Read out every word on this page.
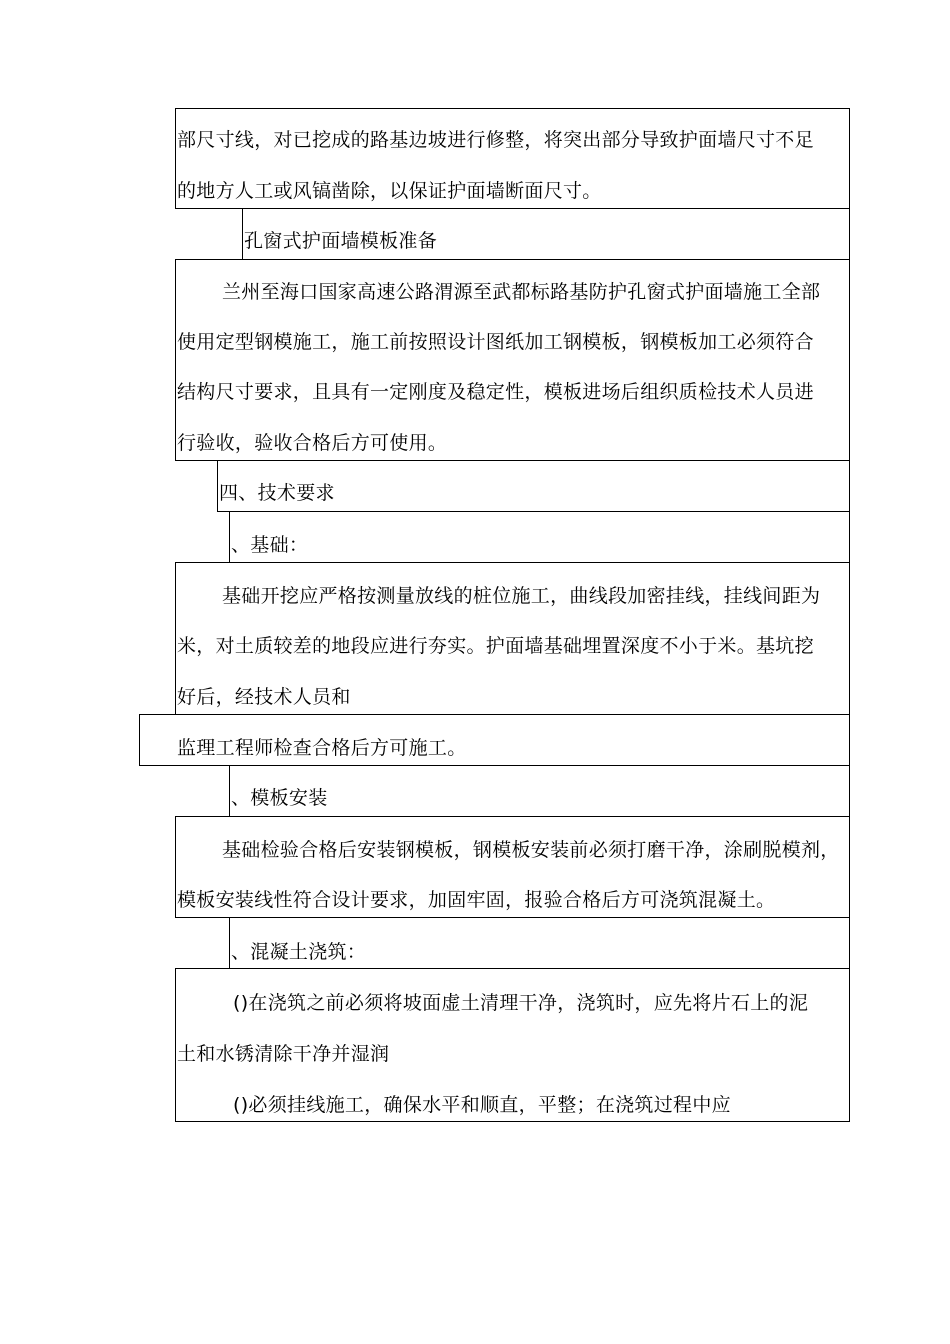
部尺寸线，对已挖成的路基边坡进行修整，将突出部分导致护面墙尺寸不足
的地方人工或风镐凿除，以保证护面墙断面尺寸。
孔窗式护面墙模板准备
兰州至海口国家高速公路渭源至武都标路基防护孔窗式护面墙施工全部
使用定型钢模施工，施工前按照设计图纸加工钢模板，钢模板加工必须符合
结构尺寸要求，且具有一定刚度及稳定性，模板进场后组织质检技术人员进
行验收，验收合格后方可使用。
四、技术要求
、基础：
基础开挖应严格按测量放线的桩位施工，曲线段加密挂线，挂线间距为
米，对土质较差的地段应进行夯实。护面墙基础埋置深度不小于米。基坑挖
好后，经技术人员和
监理工程师检查合格后方可施工。
、模板安装
基础检验合格后安装钢模板，钢模板安装前必须打磨干净，涂刷脱模剂，
模板安装线性符合设计要求，加固牢固，报验合格后方可浇筑混凝土。
、混凝土浇筑：
()在浇筑之前必须将坡面虚土清理干净，浇筑时，应先将片石上的泥
土和水锈清除干净并湿润
()必须挂线施工，确保水平和顺直，平整；在浇筑过程中应
